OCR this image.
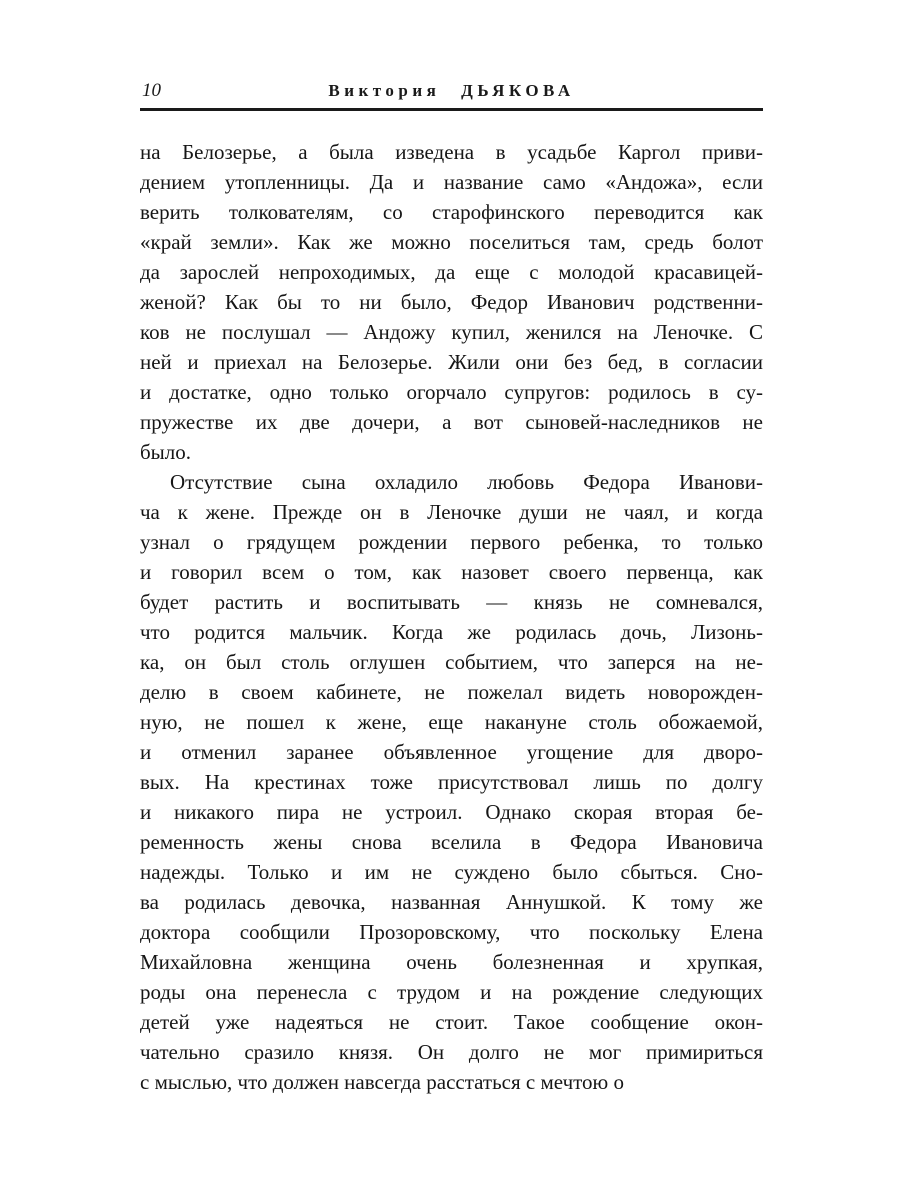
10	Виктория ДЬЯКОВА
на Белозерье, а была изведена в усадьбе Каргол приви-
дением утопленницы. Да и название само «Андожа», если
верить толкователям, со старофинского переводится как
«край земли». Как же можно поселиться там, средь болот
да зарослей непроходимых, да еще с молодой красавицей-
женой? Как бы то ни было, Федор Иванович родственни-
ков не послушал — Андожу купил, женился на Леночке. С
ней и приехал на Белозерье. Жили они без бед, в согласии
и достатке, одно только огорчало супругов: родилось в су-
пружестве их две дочери, а вот сыновей-наследников не
было.
Отсутствие сына охладило любовь Федора Иванови-
ча к жене. Прежде он в Леночке души не чаял, и когда
узнал о грядущем рождении первого ребенка, то только
и говорил всем о том, как назовет своего первенца, как
будет растить и воспитывать — князь не сомневался,
что родится мальчик. Когда же родилась дочь, Лизонь-
ка, он был столь оглушен событием, что заперся на не-
делю в своем кабинете, не пожелал видеть новорожден-
ную, не пошел к жене, еще накануне столь обожаемой,
и отменил заранее объявленное угощение для дворо-
вых. На крестинах тоже присутствовал лишь по долгу
и никакого пира не устроил. Однако скорая вторая бе-
ременность жены снова вселила в Федора Ивановича
надежды. Только и им не суждено было сбыться. Сно-
ва родилась девочка, названная Аннушкой. К тому же
доктора сообщили Прозоровскому, что поскольку Елена
Михайловна женщина очень болезненная и хрупкая,
роды она перенесла с трудом и на рождение следующих
детей уже надеяться не стоит. Такое сообщение окон-
чательно сразило князя. Он долго не мог примириться
с мыслью, что должен навсегда расстаться с мечтою о
